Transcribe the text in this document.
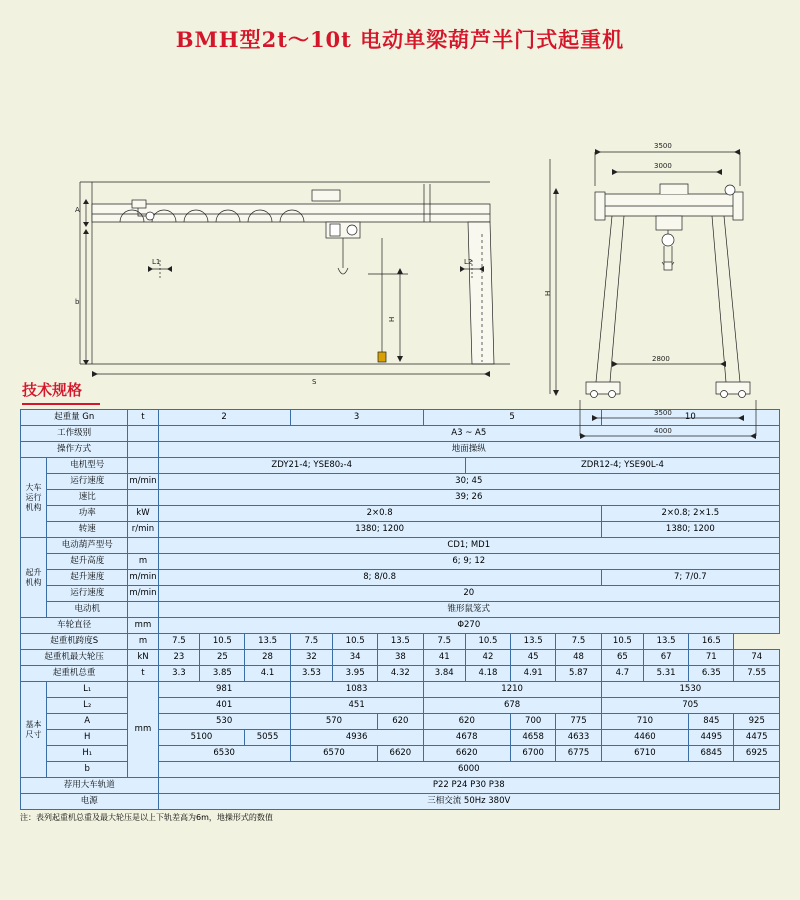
BMH型2t～10t 电动单梁葫芦半门式起重机
A
b
L1	L2
H
S
3500
3000
H
2800
3500
4000
技术规格
起重量 Gn		t	2			3			5				10			
工作级别			A3 ~ A5													
操作方式			地面操纵													
大车运行机构	电机型号		ZDY21-4; YSE80₂-4							ZDR12-4; YSE90L-4						
	运行速度	m/min	30; 45													
	速比		39; 26													
	功率	kW	2×0.8										2×0.8; 2×1.5			
	转速	r/min	1380; 1200										1380; 1200			
起升机构	电动葫芦型号		CD1; MD1													
	起升高度	m	6; 9; 12													
	起升速度	m/min	8; 8/0.8										7; 7/0.7			
	运行速度	m/min	20													
	电动机		锥形鼠笼式													
车轮直径		mm	Φ270													
起重机跨度S		m	7.5	10.5	13.5	7.5	10.5	13.5	7.5	10.5	13.5	7.5	10.5	13.5	16.5	
起重机最大轮压		kN	23	25	28	32	34	38	41	42	45	48	65	67	71	74
起重机总重		t	3.3	3.85	4.1	3.53	3.95	4.32	3.84	4.18	4.91	5.87	4.7	5.31	6.35	7.55
基本尺寸	L₁	mm	981			1083			1210				1530			
	L₂		401			451			678				705			
	A		530			570		620	620		700	775	710		845	925
	H		5100		5055	4936			4678		4658	4633	4460		4495	4475
	H₁		6530			6570		6620	6620		6700	6775	6710		6845	6925
	b		6000													
荐用大车轨道			P22 P24 P30 P38													
电源			三相交流 50Hz 380V													
注：表列起重机总重及最大轮压是以上下轨差高为6m，地操形式的数值
